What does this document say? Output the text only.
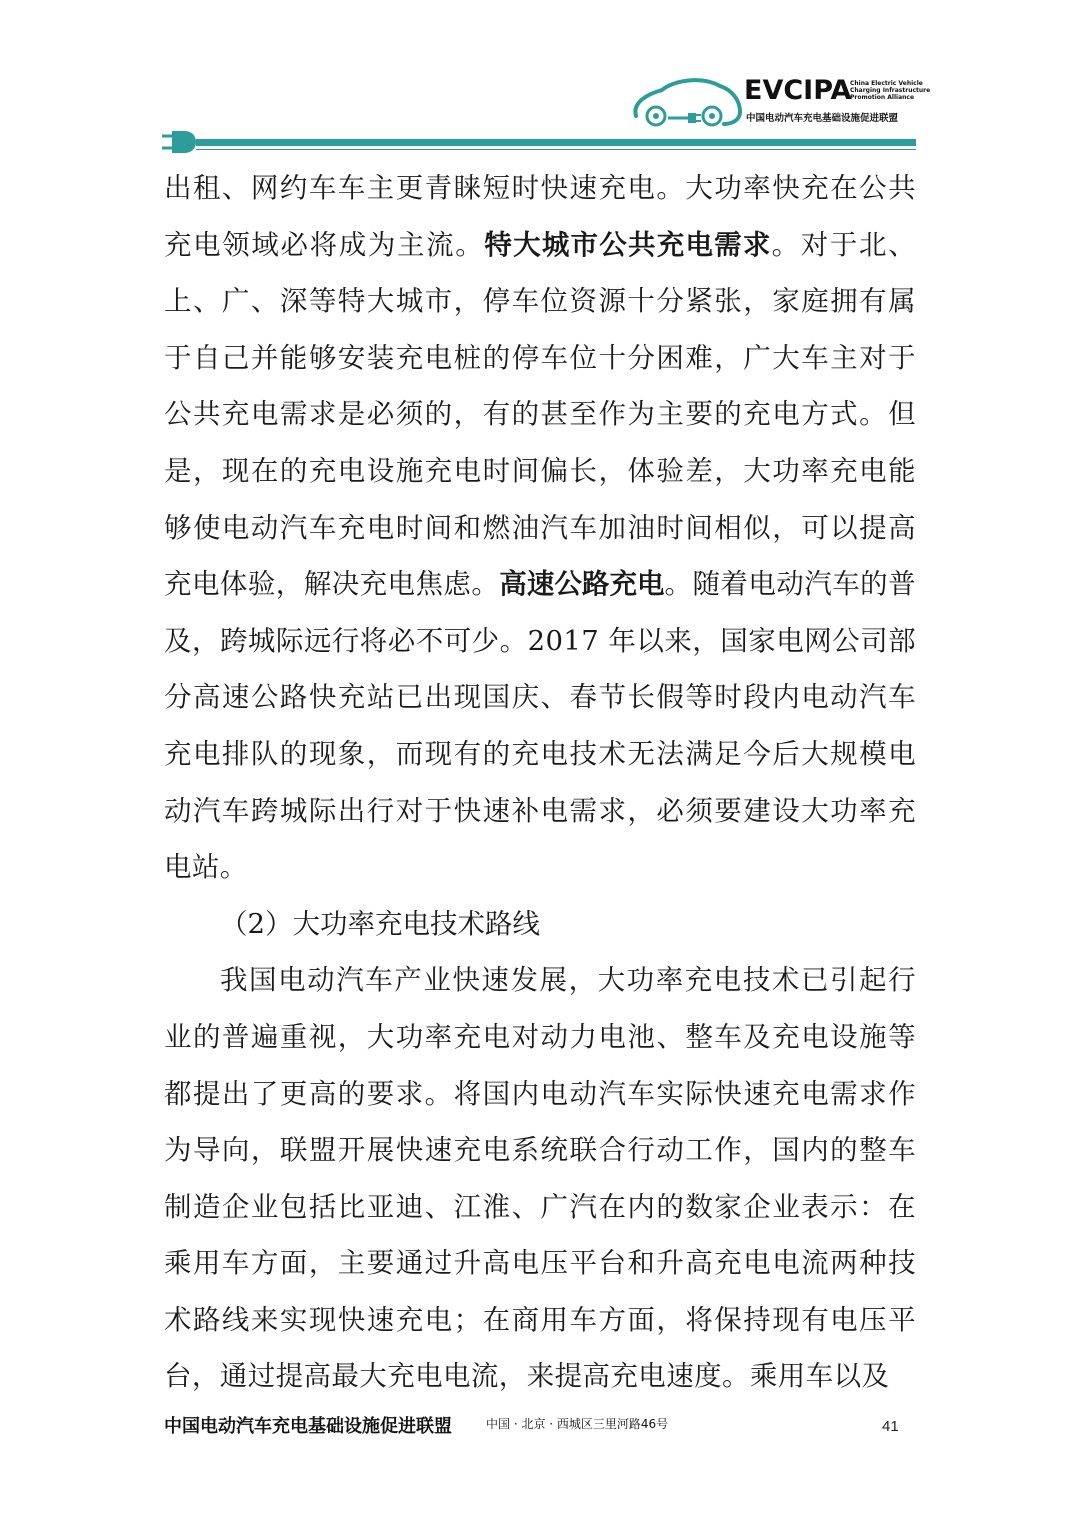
EVCIPA
China Electric Vehicle
Charging Infrastructure
Promotion Alliance
中国电动汽车充电基础设施促进联盟

出租、网约车车主更青睐短时快速充电。大功率快充在公共充电领域必将成为主流。特大城市公共充电需求。对于北、上、广、深等特大城市，停车位资源十分紧张，家庭拥有属于自己并能够安装充电桩的停车位十分困难，广大车主对于公共充电需求是必须的，有的甚至作为主要的充电方式。但是，现在的充电设施充电时间偏长，体验差，大功率充电能够使电动汽车充电时间和燃油汽车加油时间相似，可以提高充电体验，解决充电焦虑。高速公路充电。随着电动汽车的普及，跨城际远行将必不可少。2017 年以来，国家电网公司部分高速公路快充站已出现国庆、春节长假等时段内电动汽车充电排队的现象，而现有的充电技术无法满足今后大规模电动汽车跨城际出行对于快速补电需求，必须要建设大功率充电站。

（2）大功率充电技术路线

我国电动汽车产业快速发展，大功率充电技术已引起行业的普遍重视，大功率充电对动力电池、整车及充电设施等都提出了更高的要求。将国内电动汽车实际快速充电需求作为导向，联盟开展快速充电系统联合行动工作，国内的整车制造企业包括比亚迪、江淮、广汽在内的数家企业表示：在乘用车方面，主要通过升高电压平台和升高充电电流两种技术路线来实现快速充电；在商用车方面，将保持现有电压平台，通过提高最大充电电流，来提高充电速度。乘用车以及

中国电动汽车充电基础设施促进联盟	中国 · 北京 · 西城区三里河路46号	41
